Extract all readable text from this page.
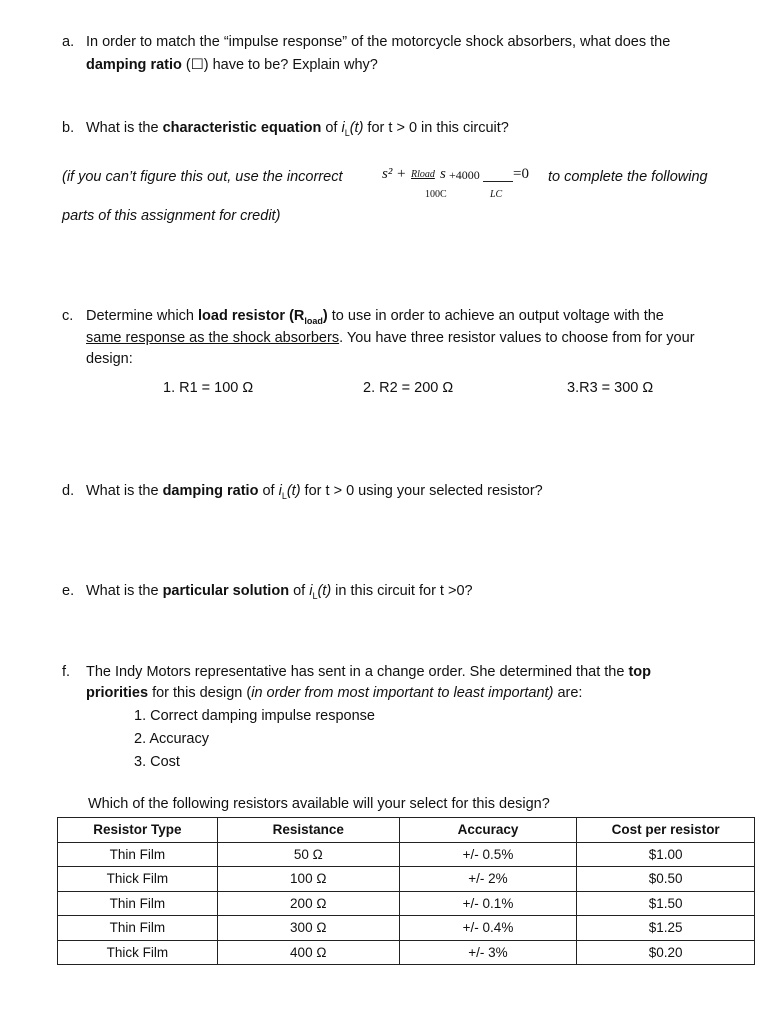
a. In order to match the “impulse response” of the motorcycle shock absorbers, what does the
damping ratio (☐) have to be? Explain why?
b. What is the characteristic equation of $i_L(t)$ for t > 0 in this circuit?
(if you can’t figure this out, use the incorrect	s² + Rload s +4000 =0
100C	LC
to complete the following
parts of this assignment for credit)
c. Determine which load resistor $(R_{load})$ to use in order to achieve an output voltage with the
same response as the shock absorbers. You have three resistor values to choose from for your
design:
1. R1 = 100 Ω	2. R2 = 200 Ω	3.R3 = 300 Ω
d. What is the damping ratio of $i_L(t)$ for t > 0 using your selected resistor?
e. What is the particular solution of $i_L(t)$ in this circuit for t >0?
f. The Indy Motors representative has sent in a change order. She determined that the top
priorities for this design (in order from most important to least important) are:
1. Correct damping impulse response
2. Accuracy
3. Cost
Which of the following resistors available will your select for this design?
Resistor Type	Resistance	Accuracy	Cost per resistor
Thin Film	50 Ω	+/- 0.5%	$1.00
Thick Film	100 Ω	+/- 2%	$0.50
Thin Film	200 Ω	+/- 0.1%	$1.50
Thin Film	300 Ω	+/- 0.4%	$1.25
Thick Film	400 Ω	+/- 3%	$0.20
